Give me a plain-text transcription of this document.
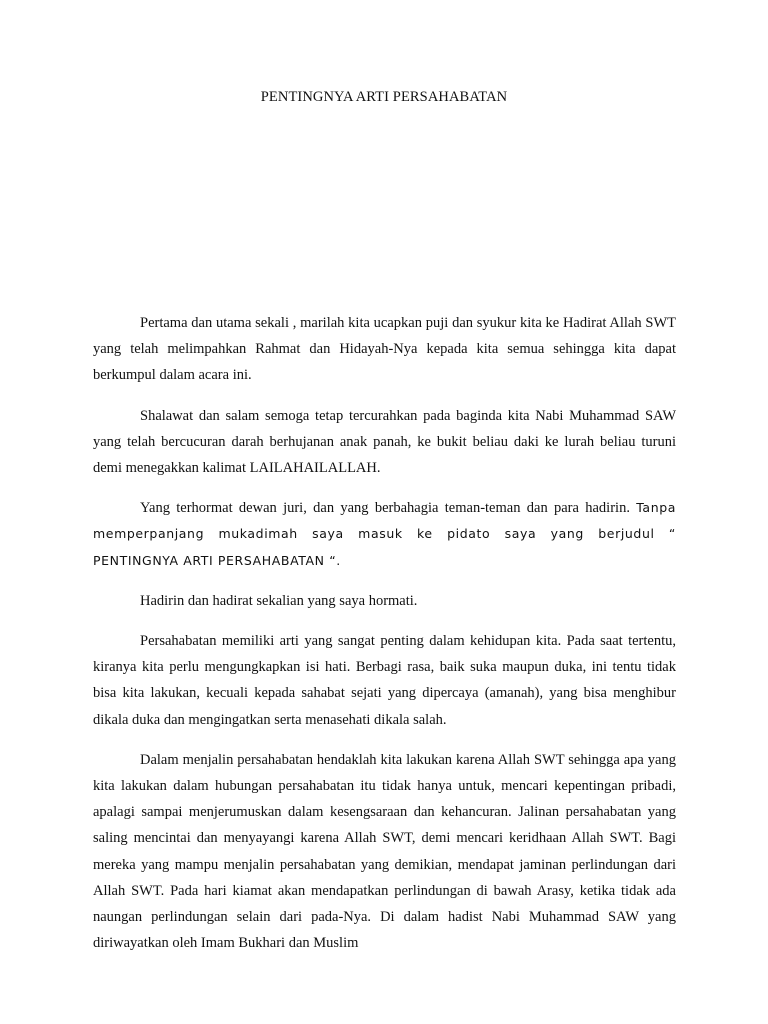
PENTINGNYA ARTI PERSAHABATAN

Pertama dan utama sekali , marilah kita ucapkan puji dan syukur kita ke Hadirat Allah SWT yang telah melimpahkan Rahmat dan Hidayah-Nya kepada kita semua sehingga kita dapat berkumpul dalam acara ini.

Shalawat dan salam semoga tetap tercurahkan pada baginda kita Nabi Muhammad SAW yang telah bercucuran darah berhujanan anak panah, ke bukit beliau daki ke lurah beliau turuni demi menegakkan kalimat LAILAHAILALLAH.

Yang terhormat dewan juri, dan yang berbahagia teman-teman dan para hadirin. Tanpa memperpanjang mukadimah saya masuk ke pidato saya yang berjudul “ PENTINGNYA ARTI PERSAHABATAN “.

Hadirin dan hadirat sekalian yang saya hormati.

Persahabatan memiliki arti yang sangat penting dalam kehidupan kita. Pada saat tertentu, kiranya kita perlu mengungkapkan isi hati. Berbagi rasa, baik suka maupun duka, ini tentu tidak bisa kita lakukan, kecuali kepada sahabat sejati yang dipercaya (amanah), yang bisa menghibur dikala duka dan mengingatkan serta menasehati dikala salah.

Dalam menjalin persahabatan hendaklah kita lakukan karena Allah SWT sehingga apa yang kita lakukan dalam hubungan persahabatan itu tidak hanya untuk, mencari kepentingan pribadi, apalagi sampai menjerumuskan dalam kesengsaraan dan kehancuran. Jalinan persahabatan yang saling mencintai dan menyayangi karena Allah SWT, demi mencari keridhaan Allah SWT. Bagi mereka yang mampu menjalin persahabatan yang demikian, mendapat jaminan perlindungan dari Allah SWT. Pada hari kiamat akan mendapatkan perlindungan di bawah Arasy, ketika tidak ada naungan perlindungan selain dari pada-Nya. Di dalam hadist Nabi Muhammad SAW yang diriwayatkan oleh Imam Bukhari dan Muslim
